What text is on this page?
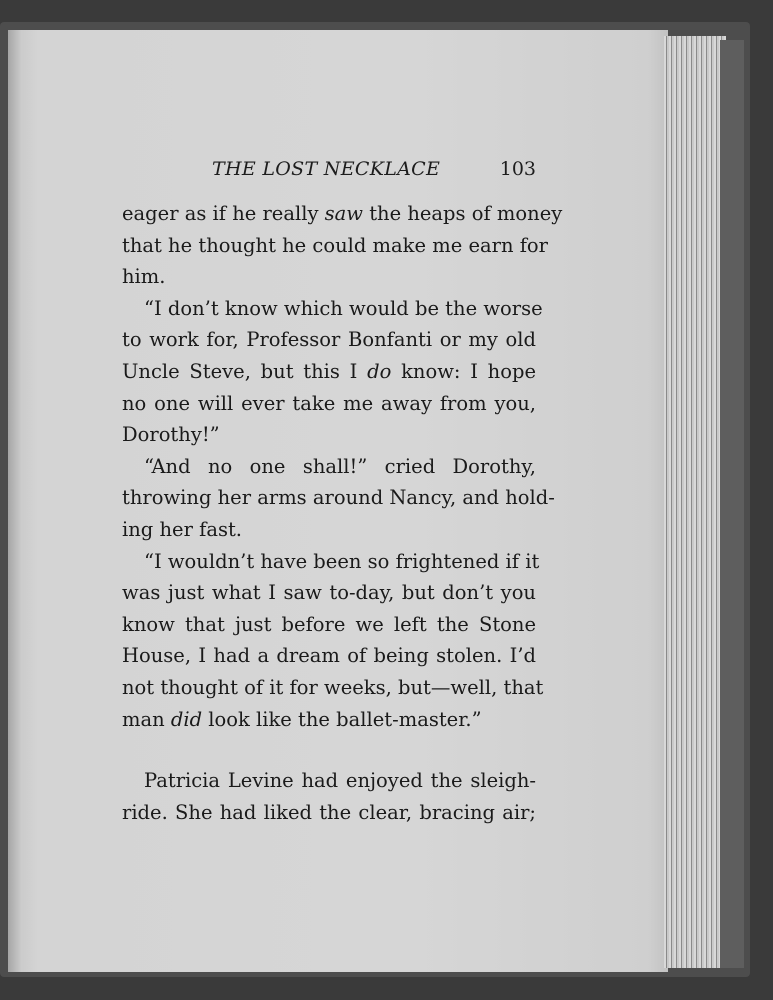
THE LOST NECKLACE	103
eager as if he really saw the heaps of money
that he thought he could make me earn for
him.
“I don’t know which would be the worse
to work for, Professor Bonfanti or my old
Uncle Steve, but this I do know: I hope
no one will ever take me away from you,
Dorothy!”
“And no one shall!” cried Dorothy,
throwing her arms around Nancy, and hold-
ing her fast.
“I wouldn’t have been so frightened if it
was just what I saw to-day, but don’t you
know that just before we left the Stone
House, I had a dream of being stolen. I’d
not thought of it for weeks, but—well, that
man did look like the ballet-master.”
Patricia Levine had enjoyed the sleigh-
ride. She had liked the clear, bracing air;
